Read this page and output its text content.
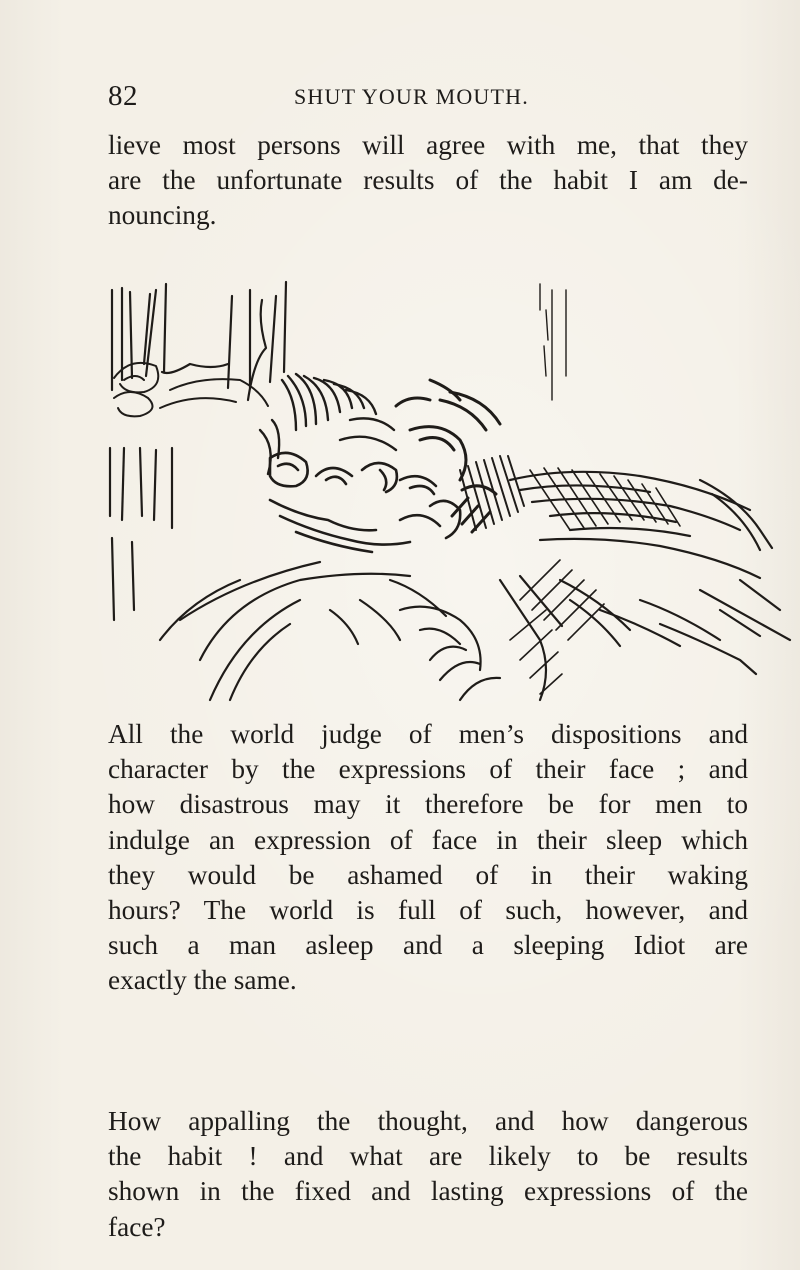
82	SHUT YOUR MOUTH.

lieve most persons will agree with me, that they
are the unfortunate results of the habit I am de-
nouncing.

All the world judge of men’s dispositions and
character by the expressions of their face ; and
how disastrous may it therefore be for men to
indulge an expression of face in their sleep which
they would be ashamed of in their waking
hours? The world is full of such, however, and
such a man asleep and a sleeping Idiot are
exactly the same.

How appalling the thought, and how dangerous
the habit ! and what are likely to be results
shown in the fixed and lasting expressions of the
face?
